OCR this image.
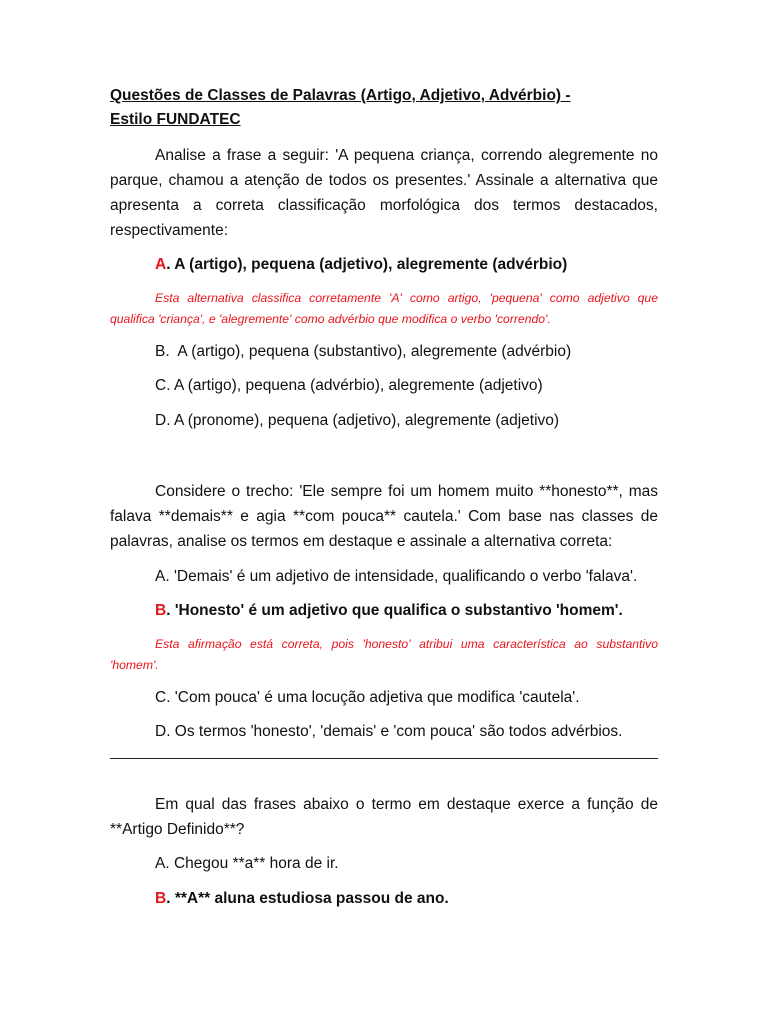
Questões de Classes de Palavras (Artigo, Adjetivo, Advérbio) -
Estilo FUNDATEC
Analise a frase a seguir: 'A pequena criança, correndo alegremente no parque, chamou a atenção de todos os presentes.' Assinale a alternativa que apresenta a correta classificação morfológica dos termos destacados, respectivamente:
A. A (artigo), pequena (adjetivo), alegremente (advérbio)
Esta alternativa classifica corretamente 'A' como artigo, 'pequena' como adjetivo que qualifica 'criança', e 'alegremente' como advérbio que modifica o verbo 'correndo'.
B.  A (artigo), pequena (substantivo), alegremente (advérbio)
C. A (artigo), pequena (advérbio), alegremente (adjetivo)
D. A (pronome), pequena (adjetivo), alegremente (adjetivo)
Considere o trecho: 'Ele sempre foi um homem muito **honesto**, mas falava **demais** e agia **com pouca** cautela.' Com base nas classes de palavras, analise os termos em destaque e assinale a alternativa correta:
A. 'Demais' é um adjetivo de intensidade, qualificando o verbo 'falava'.
B. 'Honesto' é um adjetivo que qualifica o substantivo 'homem'.
Esta afirmação está correta, pois 'honesto' atribui uma característica ao substantivo 'homem'.
C. 'Com pouca' é uma locução adjetiva que modifica 'cautela'.
D. Os termos 'honesto', 'demais' e 'com pouca' são todos advérbios.
Em qual das frases abaixo o termo em destaque exerce a função de **Artigo Definido**?
A. Chegou **a** hora de ir.
B. **A** aluna estudiosa passou de ano.
